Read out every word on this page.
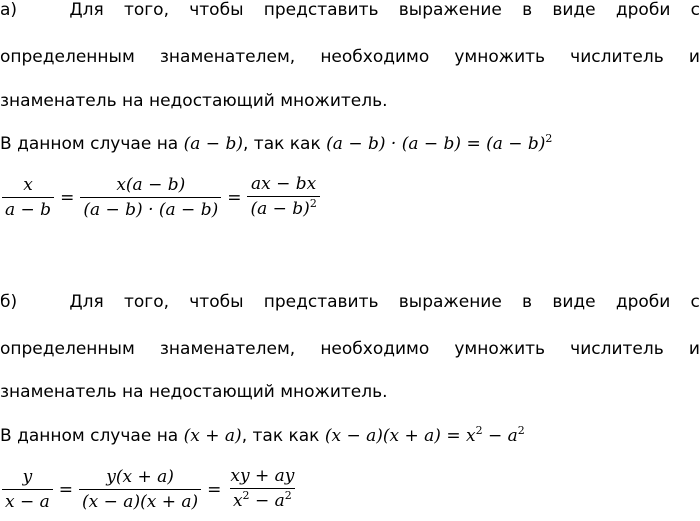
а)	Для того, чтобы представить выражение в виде дроби с
определенным знаменателем, необходимо умножить числитель и
знаменатель на недостающий множитель.
В данном случае на (a − b), так как $(a - b) \cdot (a - b) = (a - b)^2$
$\frac{x}{a - b} = \frac{x(a - b)}{(a - b) \cdot (a - b)} = \frac{ax - bx}{(a - b)^2}$
б)	Для того, чтобы представить выражение в виде дроби с
определенным знаменателем, необходимо умножить числитель и
знаменатель на недостающий множитель.
В данном случае на (x + a), так как $(x - a)(x + a) = x^2 - a^2$
$\frac{y}{x - a} = \frac{y(x + a)}{(x - a)(x + a)} = \frac{xy + ay}{x^2 - a^2}$
